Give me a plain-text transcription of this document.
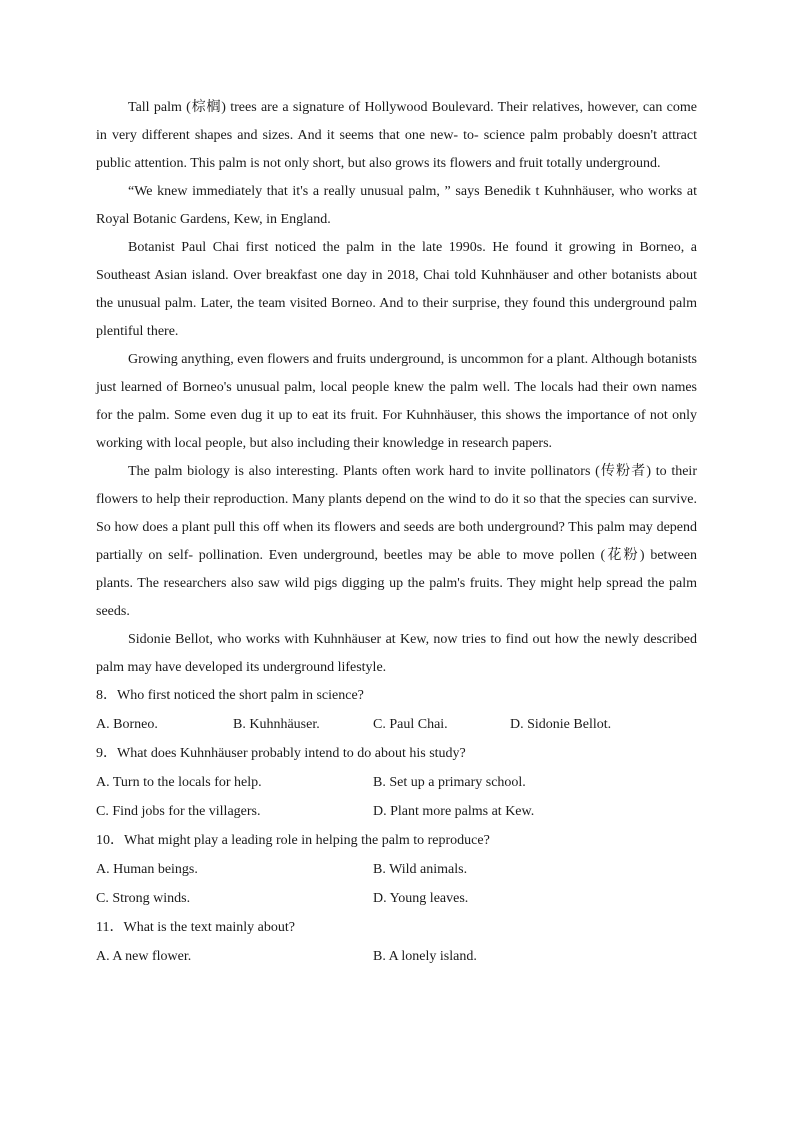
Tall palm (棕榈) trees are a signature of Hollywood Boulevard. Their relatives, however, can come in very different shapes and sizes. And it seems that one new- to- science palm probably doesn't attract public attention. This palm is not only short, but also grows its flowers and fruit totally underground.

“We knew immediately that it's a really unusual palm, ” says Benedik t Kuhnhäuser, who works at Royal Botanic Gardens, Kew, in England.

Botanist Paul Chai first noticed the palm in the late 1990s. He found it growing in Borneo, a Southeast Asian island. Over breakfast one day in 2018, Chai told Kuhnhäuser and other botanists about the unusual palm. Later, the team visited Borneo. And to their surprise, they found this underground palm plentiful there.

Growing anything, even flowers and fruits underground, is uncommon for a plant. Although botanists just learned of Borneo's unusual palm, local people knew the palm well. The locals had their own names for the palm. Some even dug it up to eat its fruit. For Kuhnhäuser, this shows the importance of not only working with local people, but also including their knowledge in research papers.

The palm biology is also interesting. Plants often work hard to invite pollinators (传粉者) to their flowers to help their reproduction. Many plants depend on the wind to do it so that the species can survive. So how does a plant pull this off when its flowers and seeds are both underground? This palm may depend partially on self- pollination. Even underground, beetles may be able to move pollen (花粉) between plants. The researchers also saw wild pigs digging up the palm's fruits. They might help spread the palm seeds.

Sidonie Bellot, who works with Kuhnhäuser at Kew, now tries to find out how the newly described palm may have developed its underground lifestyle.

8．Who first noticed the short palm in science?

A. Borneo.	B. Kuhnhäuser.	C. Paul Chai.	D. Sidonie Bellot.

9．What does Kuhnhäuser probably intend to do about his study?

A. Turn to the locals for help.	B. Set up a primary school.
C. Find jobs for the villagers.	D. Plant more palms at Kew.

10．What might play a leading role in helping the palm to reproduce?

A. Human beings.	B. Wild animals.
C. Strong winds.	D. Young leaves.

11．What is the text mainly about?

A. A new flower.	B. A lonely island.
